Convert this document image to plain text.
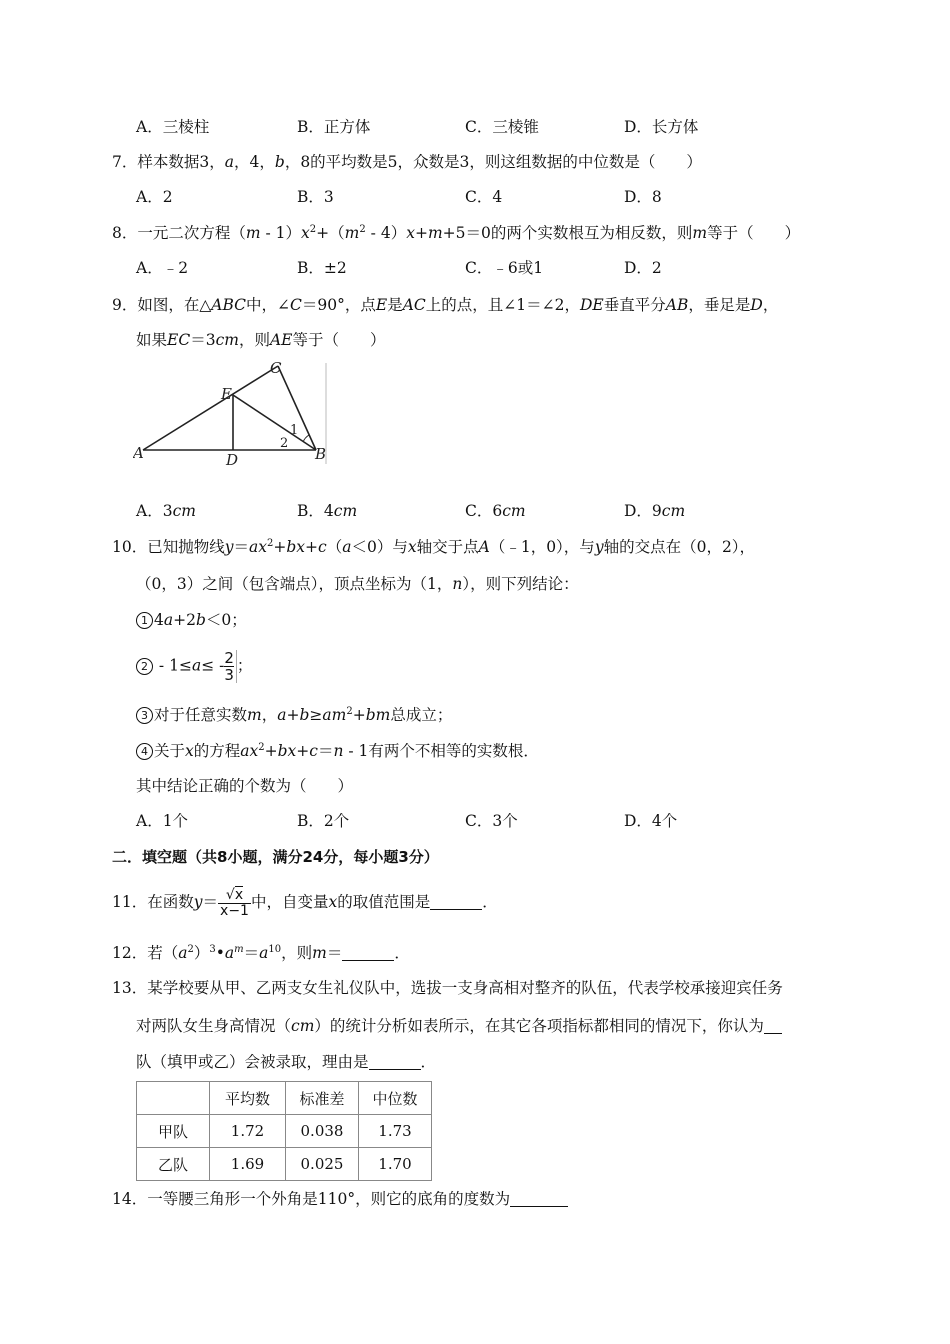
A．三棱柱	B．正方体	C．三棱锥	D．长方体
7．样本数据3，a，4，b，8的平均数是5，众数是3，则这组数据的中位数是（　　）
A．2	B．3	C．4	D．8
8．一元二次方程$(m - 1)x^2+(m^2 - 4)x+m+5=0$的两个实数根互为相反数，则m等于（　　）
A．﹣2	B．±2	C．﹣6或1	D．2
9．如图，在△ABC中，∠C＝90°，点E是AC上的点，且∠1＝∠2，DE垂直平分AB，垂足是D，
如果EC＝3cm，则AE等于（　　）
A	B
C
D
E
1
2
A．3cm	B．4cm	C．6cm	D．9cm
10．已知抛物线$y=ax^2+bx+c(a<0)$与x轴交于点A（﹣1，0），与y轴的交点在（0，2），
（0，3）之间（包含端点），顶点坐标为（1，n），则下列结论：
1 4a+2b＜0；
$2 - 1\le a\le - \frac{2}{3}$ ；
3 对于任意实数m，$a+b\ge am^2+bm$总成立；
4 关于x的方程$ax^2+bx+c=n - 1$有两个不相等的实数根．
其中结论正确的个数为（　　）
A．1个	B．2个	C．3个	D．4个
二．填空题（共8小题，满分24分，每小题3分）
11．在函数$y= \frac{√x}{x-1}$ 中，自变量x的取值范围是	．
12．若$(a^2)^3•a^m=a^{10}$，则m＝	．
13．某学校要从甲、乙两支女生礼仪队中，选拔一支身高相对整齐的队伍，代表学校承接迎宾任务
对两队女生身高情况（cm）的统计分析如表所示，在其它各项指标都相同的情况下，你认为
队（填甲或乙）会被录取，理由是	．
	平均数	标准差	中位数
甲队	1.72	0.038	1.73
乙队	1.69	0.025	1.70
14．一等腰三角形一个外角是110°，则它的底角的度数为
